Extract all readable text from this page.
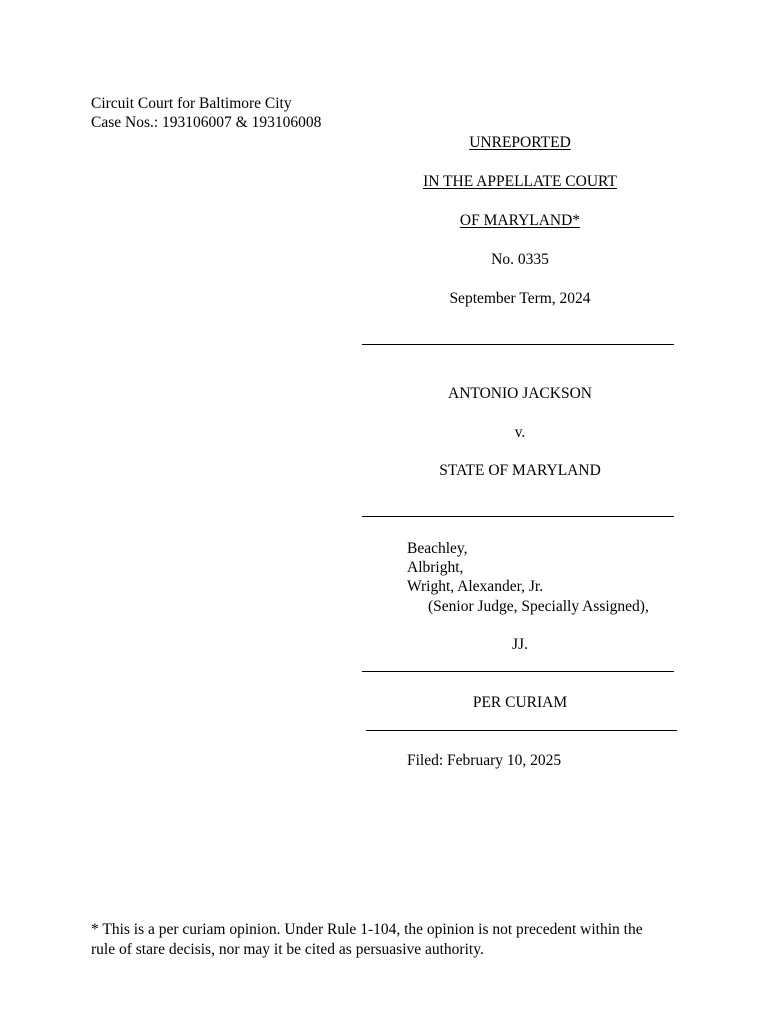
Circuit Court for Baltimore City
Case Nos.: 193106007 & 193106008
UNREPORTED
IN THE APPELLATE COURT
OF MARYLAND*
No. 0335
September Term, 2024
ANTONIO JACKSON
v.
STATE OF MARYLAND
Beachley,
Albright,
Wright, Alexander, Jr.
(Senior Judge, Specially Assigned),
JJ.
PER CURIAM
Filed: February 10, 2025
* This is a per curiam opinion. Under Rule 1-104, the opinion is not precedent within the
rule of stare decisis, nor may it be cited as persuasive authority.
